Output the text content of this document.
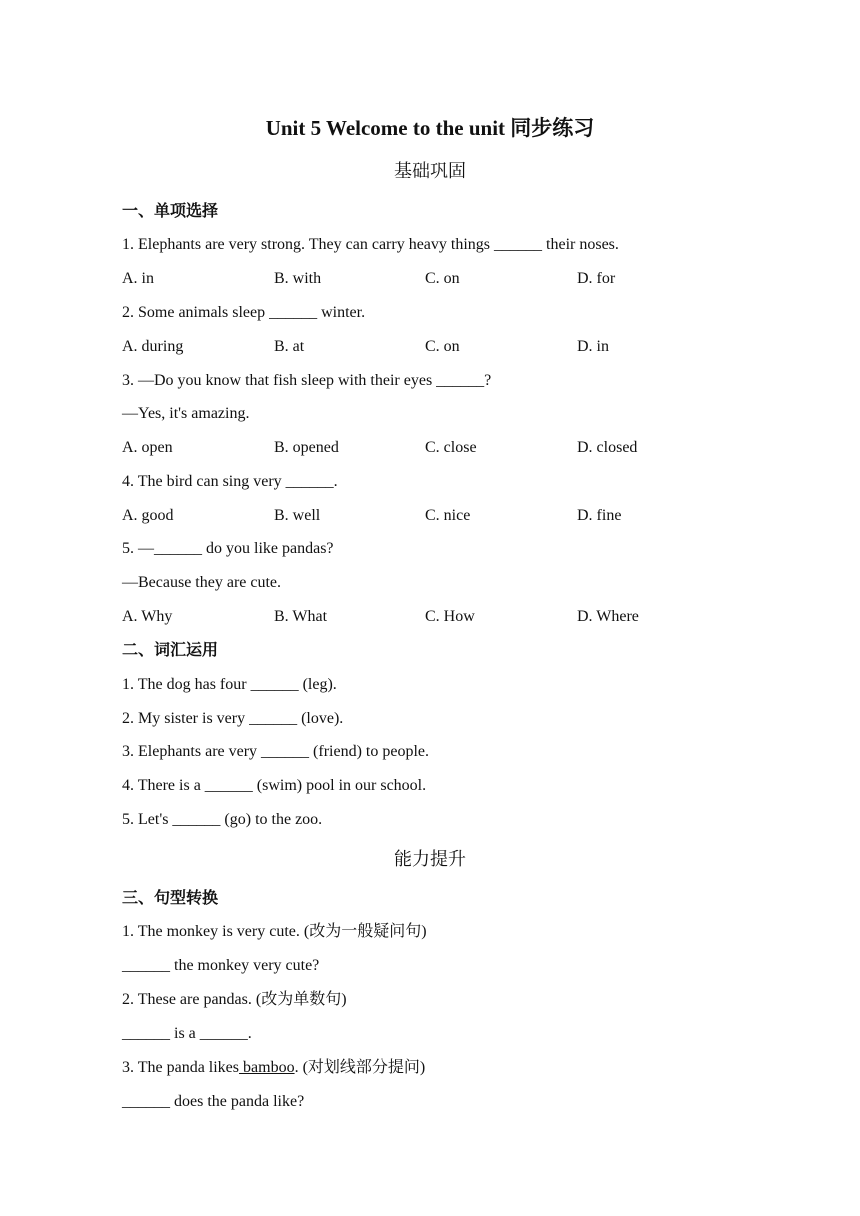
Unit 5 Welcome to the unit 同步练习
基础巩固
一、单项选择
1. Elephants are very strong. They can carry heavy things ______ their noses.
A. in	B. with	C. on	D. for
2. Some animals sleep ______ winter.
A. during	B. at	C. on	D. in
3. —Do you know that fish sleep with their eyes ______?
—Yes, it's amazing.
A. open	B. opened	C. close	D. closed
4. The bird can sing very ______.
A. good	B. well	C. nice	D. fine
5. —______ do you like pandas?
—Because they are cute.
A. Why	B. What	C. How	D. Where
二、词汇运用
1. The dog has four ______ (leg).
2. My sister is very ______ (love).
3. Elephants are very ______ (friend) to people.
4. There is a ______ (swim) pool in our school.
5. Let's ______ (go) to the zoo.
能力提升
三、句型转换
1. The monkey is very cute. (改为一般疑问句)
______ the monkey very cute?
2. These are pandas. (改为单数句)
______ is a ______.
3. The panda likes bamboo. (对划线部分提问)
______ does the panda like?
